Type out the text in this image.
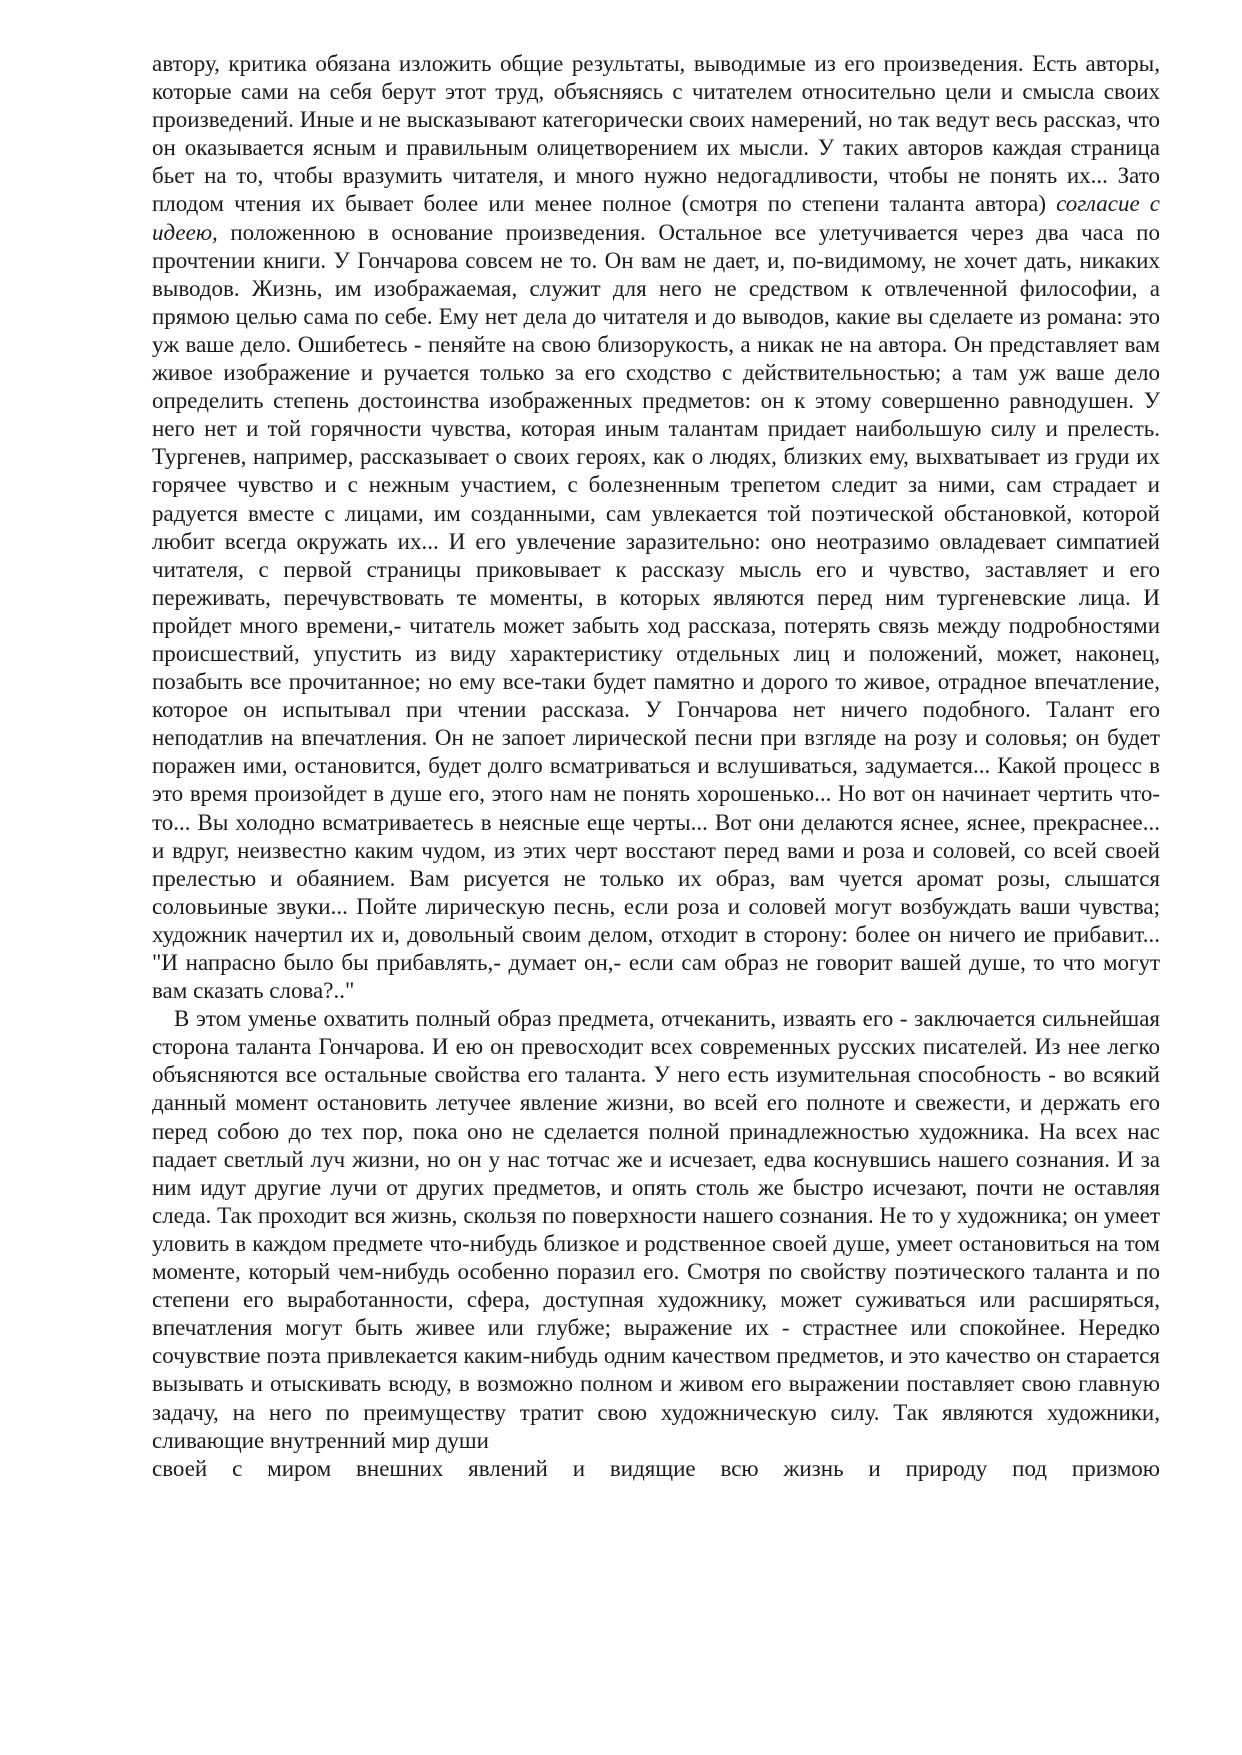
автору, критика обязана изложить общие результаты, выводимые из его произведения. Есть авторы, которые сами на себя берут этот труд, объясняясь с читателем относительно цели и смысла своих произведений. Иные и не высказывают категорически своих намерений, но так ведут весь рассказ, что он оказывается ясным и правильным олицетворением их мысли. У таких авторов каждая страница бьет на то, чтобы вразумить читателя, и много нужно недогадливости, чтобы не понять их... Зато плодом чтения их бывает более или менее полное (смотря по степени таланта автора) согласие с идеею, положенною в основание произведения. Остальное все улетучивается через два часа по прочтении книги. У Гончарова совсем не то. Он вам не дает, и, по-видимому, не хочет дать, никаких выводов. Жизнь, им изображаемая, служит для него не средством к отвлеченной философии, а прямою целью сама по себе. Ему нет дела до читателя и до выводов, какие вы сделаете из романа: это уж ваше дело. Ошибетесь - пеняйте на свою близорукость, а никак не на автора. Он представляет вам живое изображение и ручается только за его сходство с действительностью; а там уж ваше дело определить степень достоинства изображенных предметов: он к этому совершенно равнодушен. У него нет и той горячности чувства, которая иным талантам придает наибольшую силу и прелесть. Тургенев, например, рассказывает о своих героях, как о людях, близких ему, выхватывает из груди их горячее чувство и с нежным участием, с болезненным трепетом следит за ними, сам страдает и радуется вместе с лицами, им созданными, сам увлекается той поэтической обстановкой, которой любит всегда окружать их... И его увлечение заразительно: оно неотразимо овладевает симпатией читателя, с первой страницы приковывает к рассказу мысль его и чувство, заставляет и его переживать, перечувствовать те моменты, в которых являются перед ним тургеневские лица. И пройдет много времени,- читатель может забыть ход рассказа, потерять связь между подробностями происшествий, упустить из виду характеристику отдельных лиц и положений, может, наконец, позабыть все прочитанное; но ему все-таки будет памятно и дорого то живое, отрадное впечатление, которое он испытывал при чтении рассказа. У Гончарова нет ничего подобного. Талант его неподатлив на впечатления. Он не запоет лирической песни при взгляде на розу и соловья; он будет поражен ими, остановится, будет долго всматриваться и вслушиваться, задумается... Какой процесс в это время произойдет в душе его, этого нам не понять хорошенько... Но вот он начинает чертить что-то... Вы холодно всматриваетесь в неясные еще черты... Вот они делаются яснее, яснее, прекраснее... и вдруг, неизвестно каким чудом, из этих черт восстают перед вами и роза и соловей, со всей своей прелестью и обаянием. Вам рисуется не только их образ, вам чуется аромат розы, слышатся соловьиные звуки... Пойте лирическую песнь, если роза и соловей могут возбуждать ваши чувства; художник начертил их и, довольный своим делом, отходит в сторону: более он ничего ие прибавит... "И напрасно было бы прибавлять,- думает он,- если сам образ не говорит вашей душе, то что могут вам сказать слова?.."

В этом уменье охватить полный образ предмета, отчеканить, изваять его - заключается сильнейшая сторона таланта Гончарова. И ею он превосходит всех современных русских писателей. Из нее легко объясняются все остальные свойства его таланта. У него есть изумительная способность - во всякий данный момент остановить летучее явление жизни, во всей его полноте и свежести, и держать его перед собою до тех пор, пока оно не сделается полной принадлежностью художника. На всех нас падает светлый луч жизни, но он у нас тотчас же и исчезает, едва коснувшись нашего сознания. И за ним идут другие лучи от других предметов, и опять столь же быстро исчезают, почти не оставляя следа. Так проходит вся жизнь, скользя по поверхности нашего сознания. Не то у художника; он умеет уловить в каждом предмете что-нибудь близкое и родственное своей душе, умеет остановиться на том моменте, который чем-нибудь особенно поразил его. Смотря по свойству поэтического таланта и по степени его выработанности, сфера, доступная художнику, может суживаться или расширяться, впечатления могут быть живее или глубже; выражение их - страстнее или спокойнее. Нередко сочувствие поэта привлекается каким-нибудь одним качеством предметов, и это качество он старается вызывать и отыскивать всюду, в возможно полном и живом его выражении поставляет свою главную задачу, на него по преимуществу тратит свою художническую силу. Так являются художники, сливающие внутренний мир души

своей с миром внешних явлений и видящие всю жизнь и природу под призмою
